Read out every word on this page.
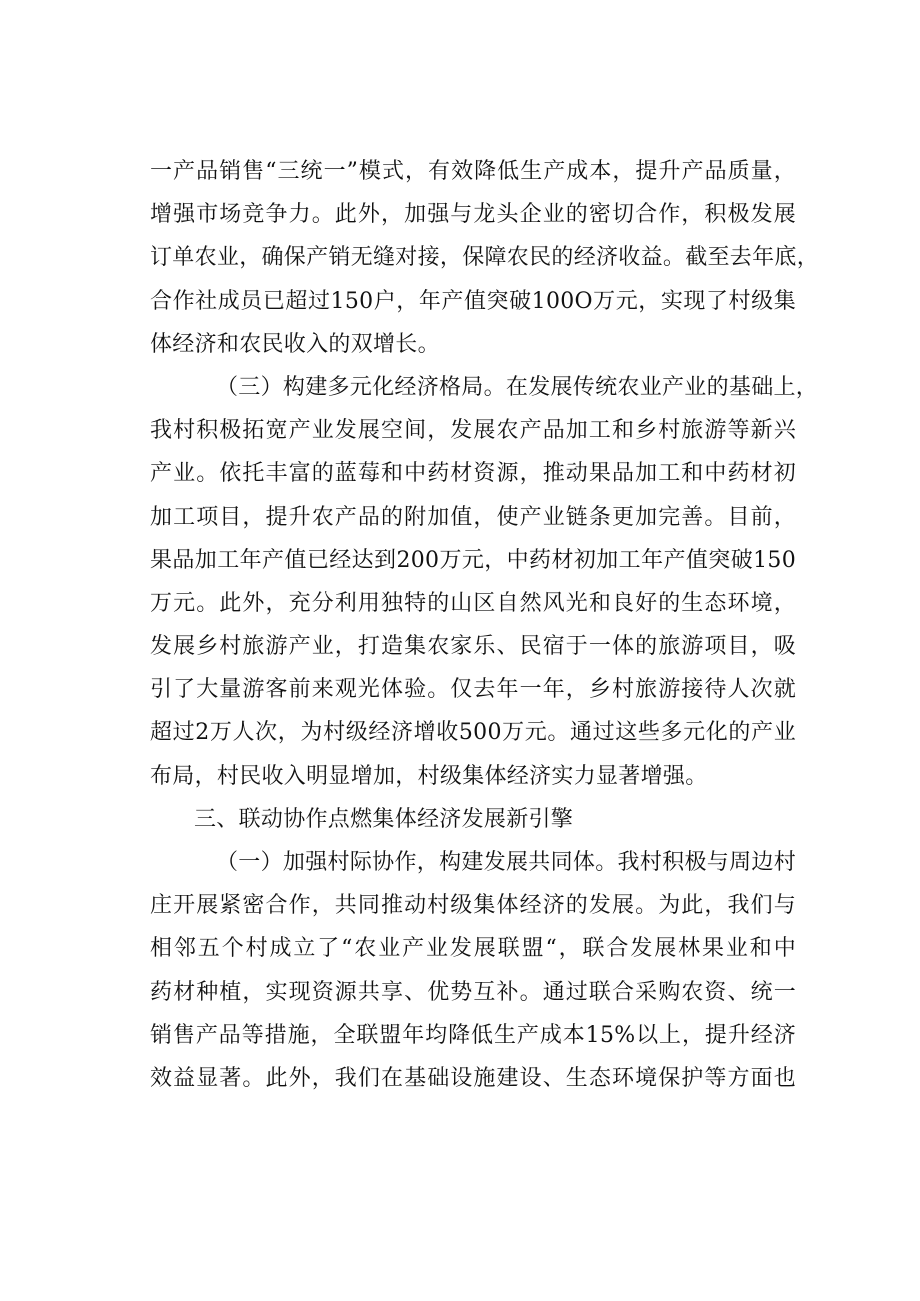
一产品销售“三统一”模式，有效降低生产成本，提升产品质量，
增强市场竞争力。此外，加强与龙头企业的密切合作，积极发展
订单农业，确保产销无缝对接，保障农民的经济收益。截至去年底，
合作社成员已超过150户，年产值突破100O万元，实现了村级集
体经济和农民收入的双增长。
（三）构建多元化经济格局。在发展传统农业产业的基础上，
我村积极拓宽产业发展空间，发展农产品加工和乡村旅游等新兴
产业。依托丰富的蓝莓和中药材资源，推动果品加工和中药材初
加工项目，提升农产品的附加值，使产业链条更加完善。目前，
果品加工年产值已经达到200万元，中药材初加工年产值突破150
万元。此外，充分利用独特的山区自然风光和良好的生态环境，
发展乡村旅游产业，打造集农家乐、民宿于一体的旅游项目，吸
引了大量游客前来观光体验。仅去年一年，乡村旅游接待人次就
超过2万人次，为村级经济增收500万元。通过这些多元化的产业
布局，村民收入明显增加，村级集体经济实力显著增强。
三、联动协作点燃集体经济发展新引擎
（一）加强村际协作，构建发展共同体。我村积极与周边村
庄开展紧密合作，共同推动村级集体经济的发展。为此，我们与
相邻五个村成立了“农业产业发展联盟“，联合发展林果业和中
药材种植，实现资源共享、优势互补。通过联合采购农资、统一
销售产品等措施，全联盟年均降低生产成本15%以上，提升经济
效益显著。此外，我们在基础设施建设、生态环境保护等方面也
